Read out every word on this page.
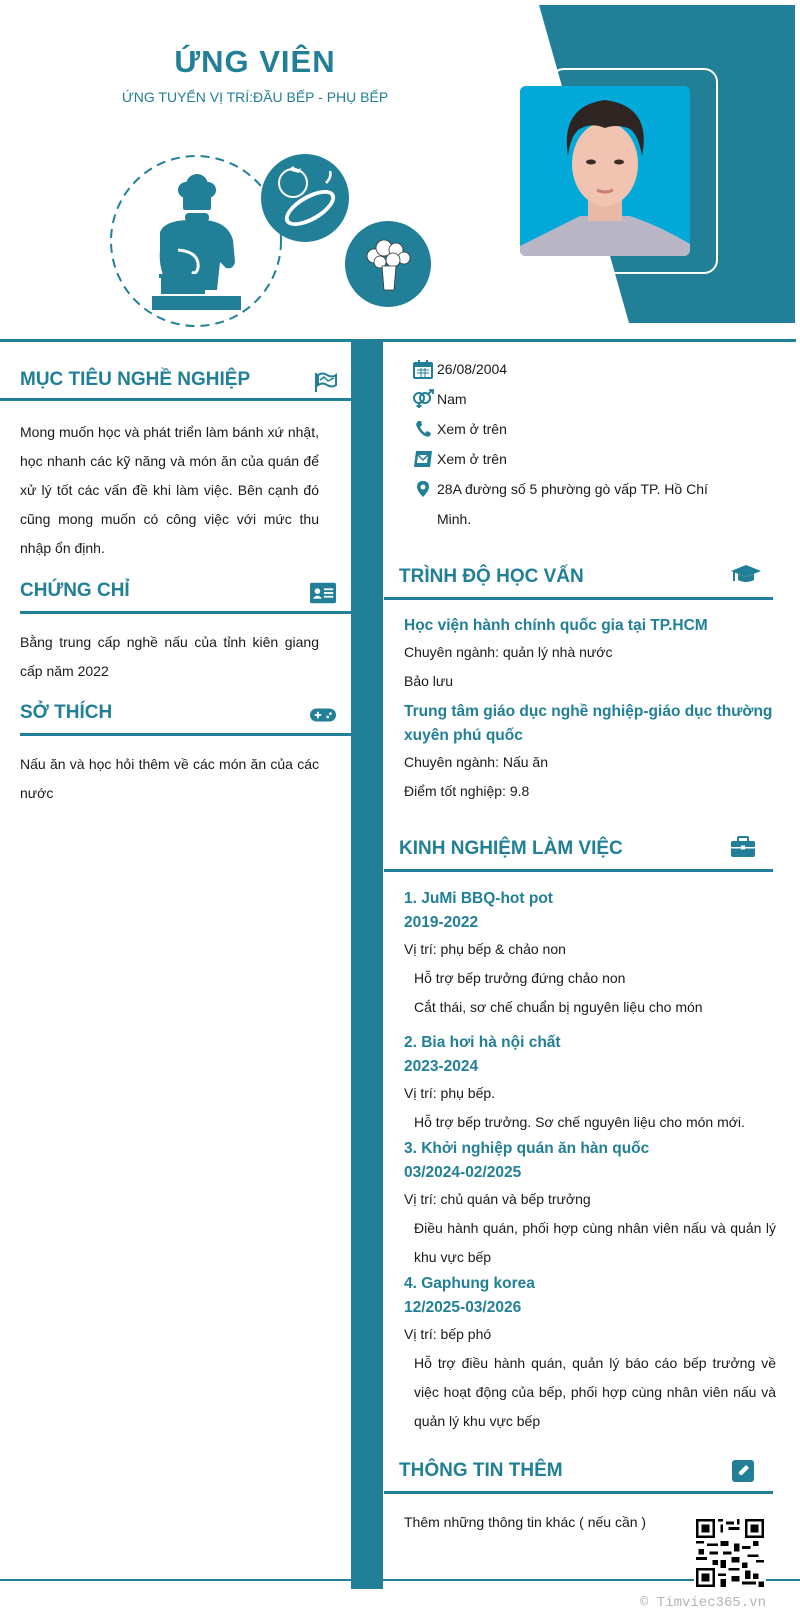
ỨNG VIÊN
ỨNG TUYỂN VỊ TRÍ:ĐẦU BẾP - PHỤ BẾP
MỤC TIÊU NGHỀ NGHIỆP
Mong muốn học và phát triển làm bánh xứ nhật, học nhanh các kỹ năng và món ăn của quán để xử lý tốt các vấn đề khi làm việc. Bên cạnh đó cũng mong muốn có công việc với mức thu nhập ổn định.
CHỨNG CHỈ
Bằng trung cấp nghề nấu của tỉnh kiên giang cấp năm 2022
SỞ THÍCH
Nấu ăn và học hỏi thêm về các món ăn của các nước
26/08/2004
Nam
Xem ở trên
Xem ở trên
28A đường số 5 phường gò vấp TP. Hồ Chí Minh.
TRÌNH ĐỘ HỌC VẤN
Học viện hành chính quốc gia tại TP.HCM
Chuyên ngành: quản lý nhà nước
Bảo lưu
Trung tâm giáo dục nghề nghiệp-giáo dục thường xuyên phú quốc
Chuyên ngành: Nấu ăn
Điểm tốt nghiệp: 9.8
KINH NGHIỆM LÀM VIỆC
1. JuMi BBQ-hot pot
2019-2022
Vị trí: phụ bếp & chảo non
Hỗ trợ bếp trưởng đứng chảo non
Cắt thái, sơ chế chuẩn bị nguyên liệu cho món
2. Bia hơi hà nội chất
2023-2024
Vị trí: phụ bếp.
Hỗ trợ bếp trưởng. Sơ chế nguyên liệu cho món mới.
3. Khởi nghiệp quán ăn hàn quốc
03/2024-02/2025
Vị trí: chủ quán và bếp trưởng
Điều hành quán, phối hợp cùng nhân viên nấu và quản lý khu vực bếp
4. Gaphung korea
12/2025-03/2026
Vị trí: bếp phó
Hỗ trợ điều hành quán, quản lý báo cáo bếp trưởng về việc hoạt động của bếp, phối hợp cùng nhân viên nấu và quản lý khu vực bếp
THÔNG TIN THÊM
Thêm những thông tin khác ( nếu cần )
© Timviec365.vn
